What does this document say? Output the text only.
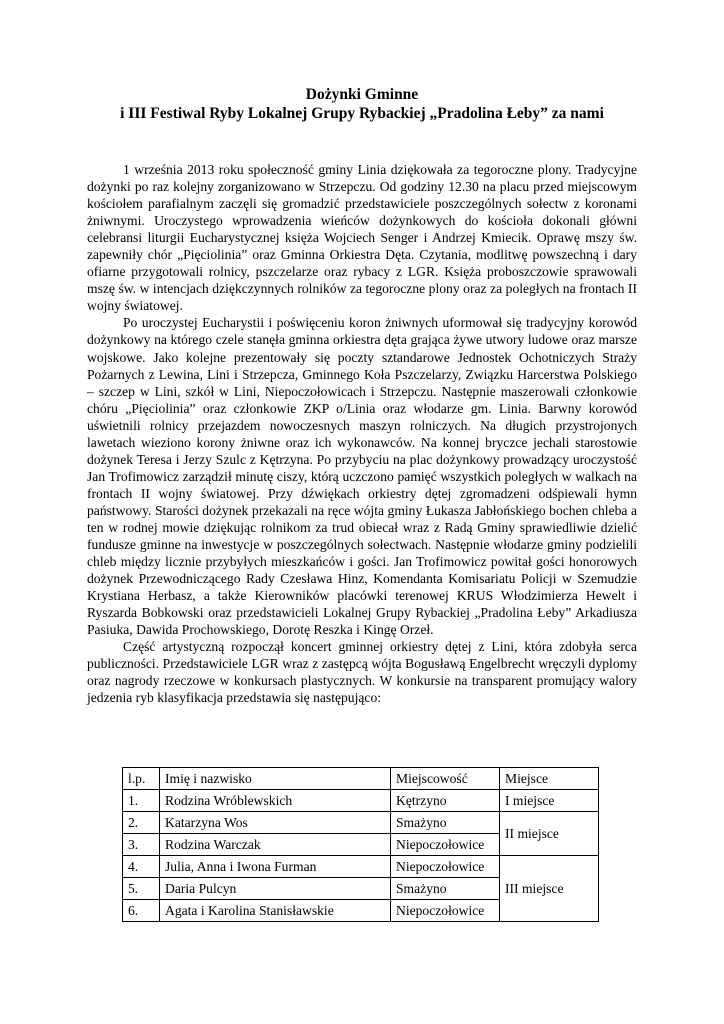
Dożynki Gminne
i III Festiwal Ryby Lokalnej Grupy Rybackiej „Pradolina Łeby” za nami

1 września 2013 roku społeczność gminy Linia dziękowała za tegoroczne plony. Tradycyjne dożynki po raz kolejny zorganizowano w Strzepczu. Od godziny 12.30 na placu przed miejscowym kościołem parafialnym zaczęli się gromadzić przedstawiciele poszczególnych sołectw z koronami żniwnymi. Uroczystego wprowadzenia wieńców dożynkowych do kościoła dokonali główni celebransi liturgii Eucharystycznej księża Wojciech Senger i Andrzej Kmiecik. Oprawę mszy św. zapewniły chór „Pięciolinia” oraz Gminna Orkiestra Dęta. Czytania, modlitwę powszechną i dary ofiarne przygotowali rolnicy, pszczelarze oraz rybacy z LGR. Księża proboszczowie sprawowali mszę św. w intencjach dziękczynnych rolników za tegoroczne plony oraz za poległych na frontach II wojny światowej.

Po uroczystej Eucharystii i poświęceniu koron żniwnych uformował się tradycyjny korowód dożynkowy na którego czele stanęła gminna orkiestra dęta grająca żywe utwory ludowe oraz marsze wojskowe. Jako kolejne prezentowały się poczty sztandarowe Jednostek Ochotniczych Straży Pożarnych z Lewina, Lini i Strzepcza, Gminnego Koła Pszczelarzy, Związku Harcerstwa Polskiego – szczep w Lini, szkół w Lini, Niepoczołowicach i Strzepczu. Następnie maszerowali członkowie chóru „Pięciolinia” oraz członkowie ZKP o/Linia oraz włodarze gm. Linia. Barwny korowód uświetnili rolnicy przejazdem nowoczesnych maszyn rolniczych. Na długich przystrojonych lawetach wieziono korony żniwne oraz ich wykonawców. Na konnej bryczce jechali starostowie dożynek Teresa i Jerzy Szulc z Kętrzyna. Po przybyciu na plac dożynkowy prowadzący uroczystość Jan Trofimowicz zarządził minutę ciszy, którą uczczono pamięć wszystkich poległych w walkach na frontach II wojny światowej. Przy dźwiękach orkiestry dętej zgromadzeni odśpiewali hymn państwowy. Starości dożynek przekazali na ręce wójta gminy Łukasza Jabłońskiego bochen chleba a ten w rodnej mowie dziękując rolnikom za trud obiecał wraz z Radą Gminy sprawiedliwie dzielić fundusze gminne na inwestycje w poszczególnych sołectwach. Następnie włodarze gminy podzielili chleb między licznie przybyłych mieszkańców i gości. Jan Trofimowicz powitał gości honorowych dożynek Przewodniczącego Rady Czesława Hinz, Komendanta Komisariatu Policji w Szemudzie Krystiana Herbasz, a także Kierowników placówki terenowej KRUS Włodzimierza Hewelt i Ryszarda Bobkowski oraz przedstawicieli Lokalnej Grupy Rybackiej „Pradolina Łeby” Arkadiusza Pasiuka, Dawida Prochowskiego, Dorotę Reszka i Kingę Orzeł.

Część artystyczną rozpoczął koncert gminnej orkiestry dętej z Lini, która zdobyła serca publiczności. Przedstawiciele LGR wraz z zastępcą wójta Bogusławą Engelbrecht wręczyli dyplomy oraz nagrody rzeczowe w konkursach plastycznych. W konkursie na transparent promujący walory jedzenia ryb klasyfikacja przedstawia się następująco:

l.p.	Imię i nazwisko	Miejscowość	Miejsce
1.	Rodzina Wróblewskich	Kętrzyno	I miejsce
2.	Katarzyna Wos	Smażyno	II miejsce
3.	Rodzina Warczak	Niepoczołowice	
4.	Julia, Anna i Iwona Furman	Niepoczołowice	III miejsce
5.	Daria Pulcyn	Smażyno	
6.	Agata i Karolina Stanisławskie	Niepoczołowice	
